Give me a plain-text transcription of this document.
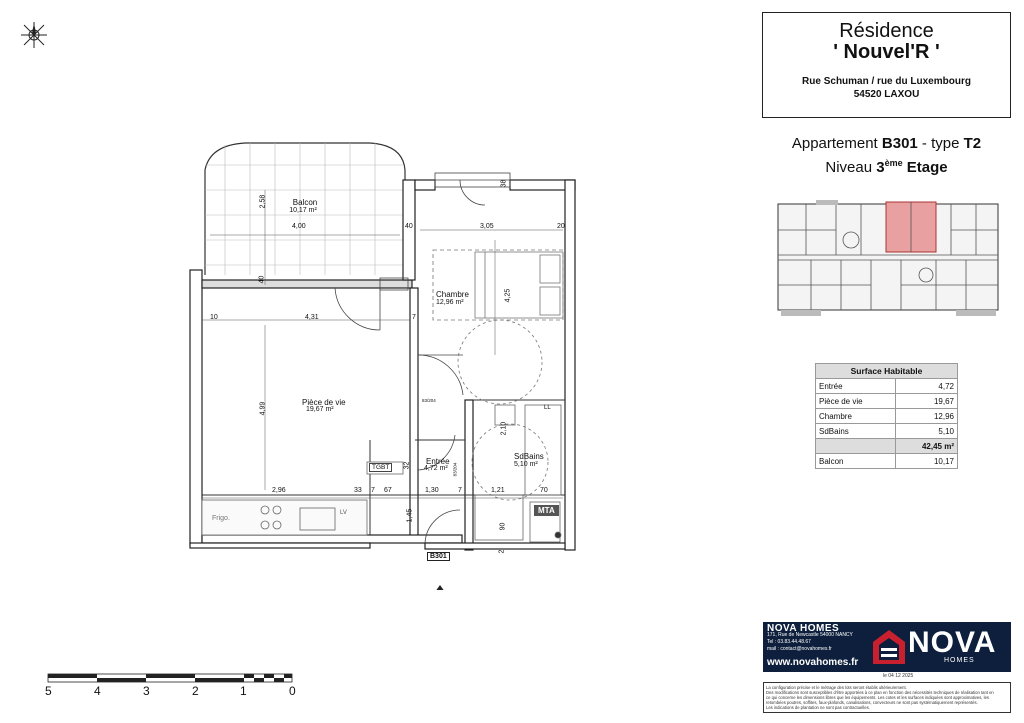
Résidence
' Nouvel'R '
Rue Schuman / rue du Luxembourg
54520 LAXOU
Appartement B301 - type T2
Niveau 3ème Etage
Balcon
10,17 m²
Chambre
12,96 m²
Pièce de vie
19,67 m²
Entrée
4,72 m²
SdBains
5,10 m²
Frigo.
TGBT
MTA
LL
LV
B301
83/204
83/204
2,58
4,00	40	3,05	20
38
4,25
40
10	4,31	7
4,99
2,96	33 7 67	1,30	7	1,21	70
32
1,45
2,10
90
2
Surface Habitable	
Entrée	4,72
Pièce de vie	19,67
Chambre	12,96
SdBains	5,10
	42,45 m²
Balcon	10,17
5	4	3	2	1	0
NOVA HOMES
171, Rue de Newcastle 54000 NANCY
Tel : 03.83.44.48.67
mail : contact@novahomes.fr
www.novahomes.fr
NOVA
HOMES
le 04 12 2025
La configuration précise et le métrage des lots seront établis ultérieurement.
Des modifications sont susceptibles d'être apportées à ce plan en fonction des nécessités techniques de réalisation tant en
ce qui concerne les dimensions libres que les équipements. Les cotes et les surfaces indiquées sont approximatives, les
retombées poutres, soffites, faux-plafonds, canalisations, convecteurs ne sont pas systématiquement représentés.
Les indications de plantation ne sont pas contractuelles.
